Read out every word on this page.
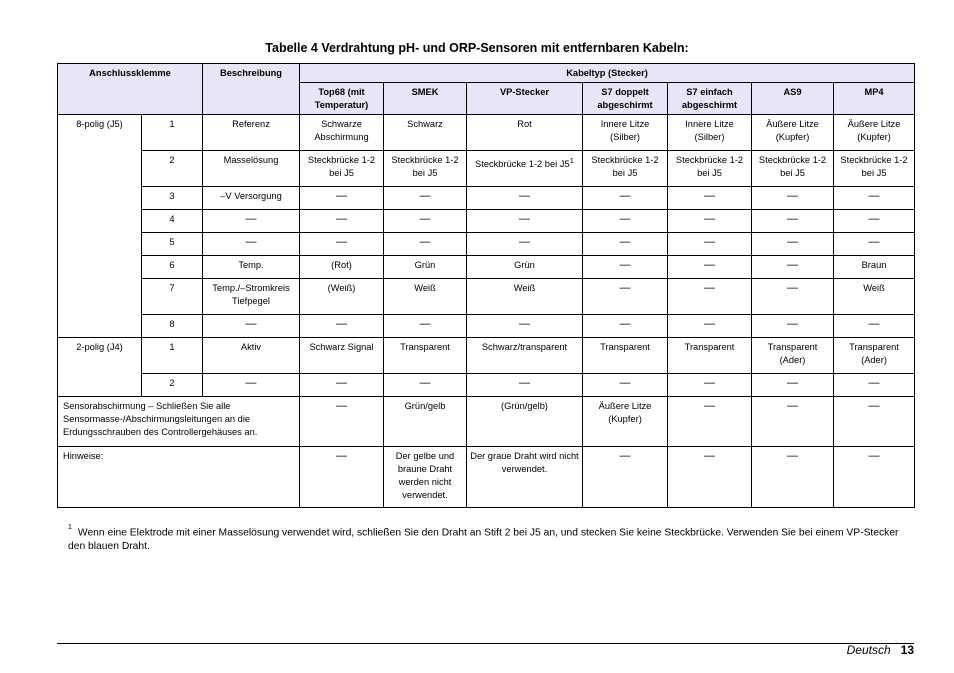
Tabelle 4 Verdrahtung pH- und ORP-Sensoren mit entfernbaren Kabeln:
Anschlussklemme		Beschreibung	Kabeltyp (Stecker)						
			Top68 (mit Temperatur)	SMEK	VP-Stecker	S7 doppelt abgeschirmt	S7 einfach abgeschirmt	AS9	MP4
8-polig (J5)	1	Referenz	Schwarze Abschirmung	Schwarz	Rot	Innere Litze (Silber)	Innere Litze (Silber)	Äußere Litze (Kupfer)	Äußere Litze (Kupfer)
	2	Masselösung	Steckbrücke 1-2 bei J5	Steckbrücke 1-2 bei J5	Steckbrücke 1-2 bei $J5^1$	Steckbrücke 1-2 bei J5	Steckbrücke 1-2 bei J5	Steckbrücke 1-2 bei J5	Steckbrücke 1-2 bei J5
	3	–V Versorgung	—	—	—	—	—	—	—
	4	—	—	—	—	—	—	—	—
	5	—	—	—	—	—	—	—	—
	6	Temp.	(Rot)	Grün	Grün	—	—	—	Braun
	7	Temp./–Stromkreis Tiefpegel	(Weiß)	Weiß	Weiß	—	—	—	Weiß
	8	—	—	—	—	—	—	—	—
2-polig (J4)	1	Aktiv	Schwarz Signal	Transparent	Schwarz/transparent	Transparent	Transparent	Transparent (Ader)	Transparent (Ader)
	2	—	—	—	—	—	—	—	—
Sensorabschirmung – Schließen Sie alle Sensormasse-/Abschirmungsleitungen an die Erdungsschrauben des Controllergehäuses an.			—	Grün/gelb	(Grün/gelb)	Äußere Litze (Kupfer)	—	—	—
Hinweise:			—	Der gelbe und braune Draht werden nicht verwendet.	Der graue Draht wird nicht verwendet.	—	—	—	—
$^1$ Wenn eine Elektrode mit einer Masselösung verwendet wird, schließen Sie den Draht an Stift 2 bei J5 an, und stecken Sie keine Steckbrücke. Verwenden Sie bei einem VP-Stecker den blauen Draht.
Deutsch 13
